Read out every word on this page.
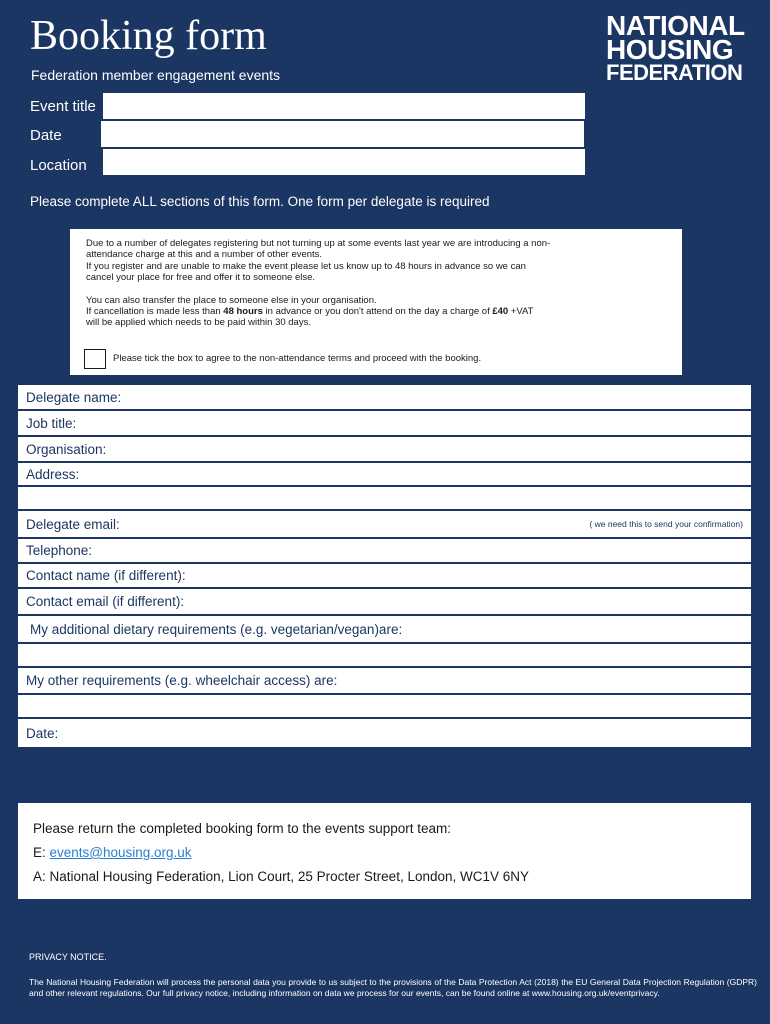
Booking form
Federation member engagement events
NATIONAL
HOUSING
FEDERATION
Event title
Date
Location
Please complete ALL sections of this form. One form per delegate is required

Due to a number of delegates registering but not turning up at some events last year we are introducing a non-

attendance charge at this and a number of other events.

If you register and are unable to make the event please let us know up to 48 hours in advance so we can

cancel your place for free and offer it to someone else.

You can also transfer the place to someone else in your organisation.

If cancellation is made less than 48 hours in advance or you don't attend on the day a charge of £40 +VAT

will be applied which needs to be paid within 30 days.

Please tick the box to agree to the non-attendance terms and proceed with the booking.
Delegate name:
Job title:
Organisation:
Address:
Delegate email:	( we need this to send your confirmation)
Telephone:
Contact name (if different):
Contact email (if different):
My additional dietary requirements (e.g. vegetarian/vegan)are:
My other requirements (e.g. wheelchair access) are:
Date:
Please return the completed booking form to the events support team:
E: events@housing.org.uk
A: National Housing Federation, Lion Court, 25 Procter Street, London, WC1V 6NY
PRIVACY NOTICE.
The National Housing Federation will process the personal data you provide to us subject to the provisions of the Data Protection Act (2018) the EU General Data Projection Regulation (GDPR) and other relevant regulations. Our full privacy notice, including information on data we process for our events, can be found online at www.housing.org.uk/eventprivacy.
